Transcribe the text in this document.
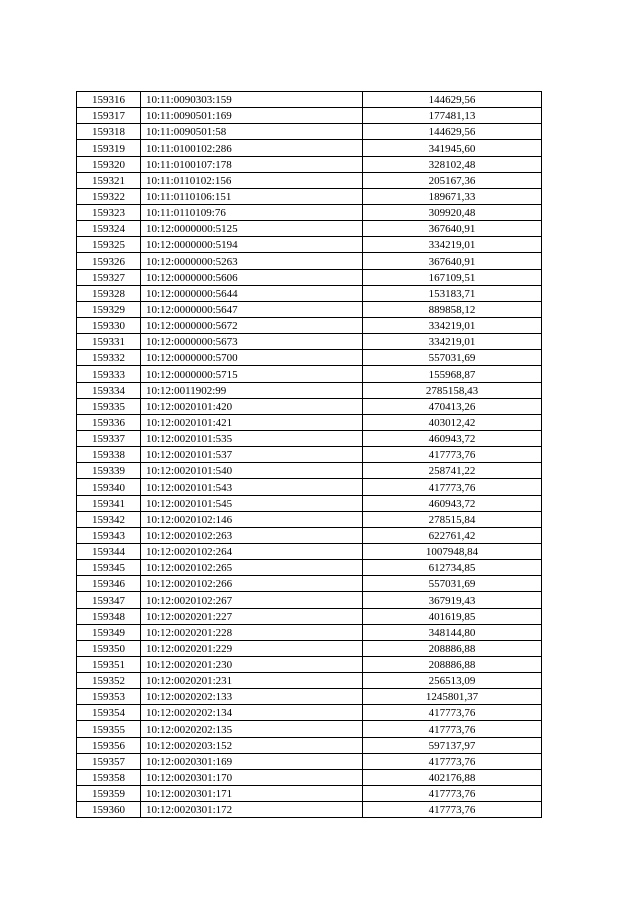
159316	10:11:0090303:159	144629,56
159317	10:11:0090501:169	177481,13
159318	10:11:0090501:58	144629,56
159319	10:11:0100102:286	341945,60
159320	10:11:0100107:178	328102,48
159321	10:11:0110102:156	205167,36
159322	10:11:0110106:151	189671,33
159323	10:11:0110109:76	309920,48
159324	10:12:0000000:5125	367640,91
159325	10:12:0000000:5194	334219,01
159326	10:12:0000000:5263	367640,91
159327	10:12:0000000:5606	167109,51
159328	10:12:0000000:5644	153183,71
159329	10:12:0000000:5647	889858,12
159330	10:12:0000000:5672	334219,01
159331	10:12:0000000:5673	334219,01
159332	10:12:0000000:5700	557031,69
159333	10:12:0000000:5715	155968,87
159334	10:12:0011902:99	2785158,43
159335	10:12:0020101:420	470413,26
159336	10:12:0020101:421	403012,42
159337	10:12:0020101:535	460943,72
159338	10:12:0020101:537	417773,76
159339	10:12:0020101:540	258741,22
159340	10:12:0020101:543	417773,76
159341	10:12:0020101:545	460943,72
159342	10:12:0020102:146	278515,84
159343	10:12:0020102:263	622761,42
159344	10:12:0020102:264	1007948,84
159345	10:12:0020102:265	612734,85
159346	10:12:0020102:266	557031,69
159347	10:12:0020102:267	367919,43
159348	10:12:0020201:227	401619,85
159349	10:12:0020201:228	348144,80
159350	10:12:0020201:229	208886,88
159351	10:12:0020201:230	208886,88
159352	10:12:0020201:231	256513,09
159353	10:12:0020202:133	1245801,37
159354	10:12:0020202:134	417773,76
159355	10:12:0020202:135	417773,76
159356	10:12:0020203:152	597137,97
159357	10:12:0020301:169	417773,76
159358	10:12:0020301:170	402176,88
159359	10:12:0020301:171	417773,76
159360	10:12:0020301:172	417773,76
